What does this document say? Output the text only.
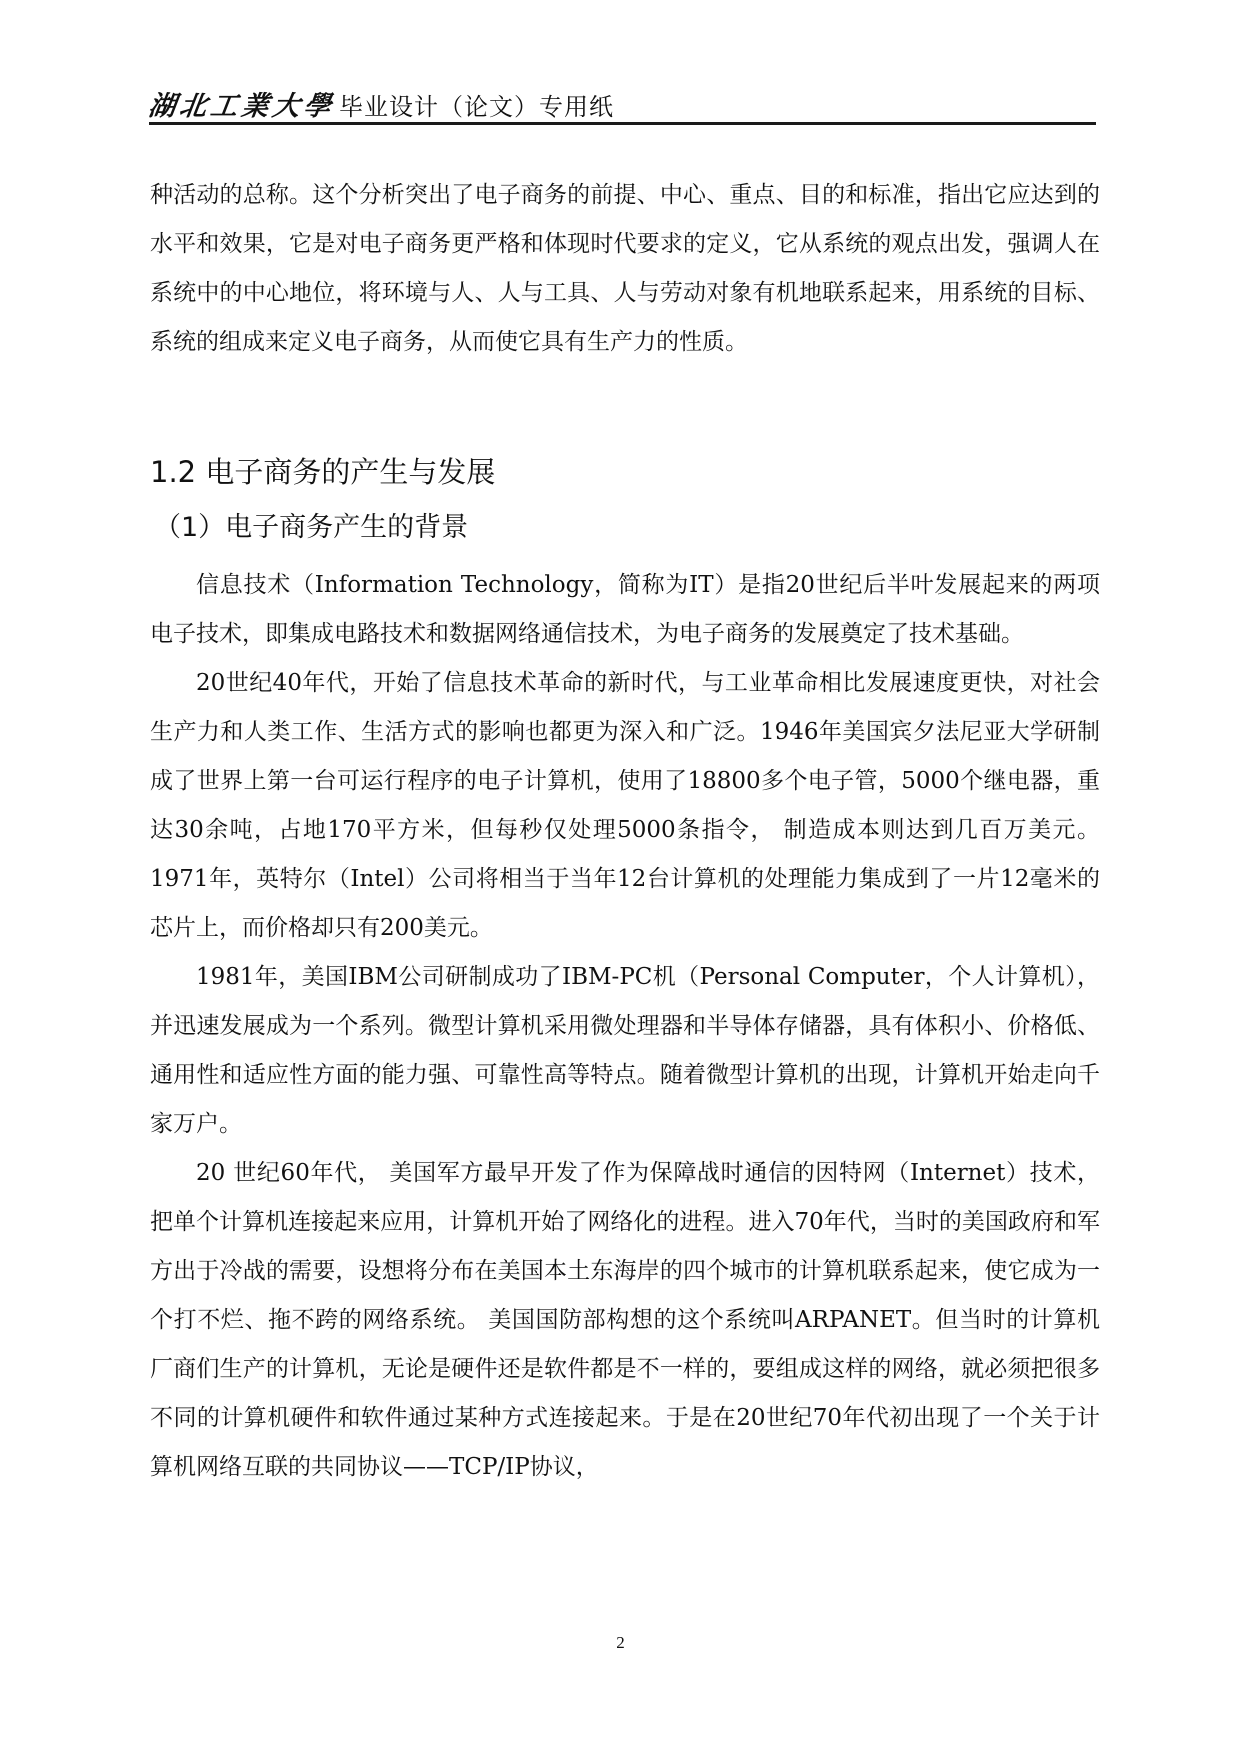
湖北工業大學 毕业设计（论文）专用纸

种活动的总称。这个分析突出了电子商务的前提、中心、重点、目的和标准，指出它应达到的水平和效果，它是对电子商务更严格和体现时代要求的定义，它从系统的观点出发，强调人在系统中的中心地位，将环境与人、人与工具、人与劳动对象有机地联系起来，用系统的目标、系统的组成来定义电子商务，从而使它具有生产力的性质。

1.2 电子商务的产生与发展
（1）电子商务产生的背景

信息技术（Information Technology，简称为IT）是指20世纪后半叶发展起来的两项电子技术，即集成电路技术和数据网络通信技术，为电子商务的发展奠定了技术基础。

20世纪40年代，开始了信息技术革命的新时代，与工业革命相比发展速度更快，对社会生产力和人类工作、生活方式的影响也都更为深入和广泛。1946年美国宾夕法尼亚大学研制成了世界上第一台可运行程序的电子计算机，使用了18800多个电子管，5000个继电器，重达30余吨，占地170平方米，但每秒仅处理5000条指令， 制造成本则达到几百万美元。1971年，英特尔（Intel）公司将相当于当年12台计算机的处理能力集成到了一片12毫米的芯片上，而价格却只有200美元。

1981年，美国IBM公司研制成功了IBM-PC机（Personal Computer，个人计算机），并迅速发展成为一个系列。微型计算机采用微处理器和半导体存储器，具有体积小、价格低、通用性和适应性方面的能力强、可靠性高等特点。随着微型计算机的出现，计算机开始走向千家万户。

20 世纪60年代， 美国军方最早开发了作为保障战时通信的因特网（Internet）技术，把单个计算机连接起来应用，计算机开始了网络化的进程。进入70年代，当时的美国政府和军方出于冷战的需要，设想将分布在美国本土东海岸的四个城市的计算机联系起来，使它成为一个打不烂、拖不跨的网络系统。 美国国防部构想的这个系统叫ARPANET。但当时的计算机厂商们生产的计算机，无论是硬件还是软件都是不一样的，要组成这样的网络，就必须把很多不同的计算机硬件和软件通过某种方式连接起来。于是在20世纪70年代初出现了一个关于计算机网络互联的共同协议——TCP/IP协议，

2
